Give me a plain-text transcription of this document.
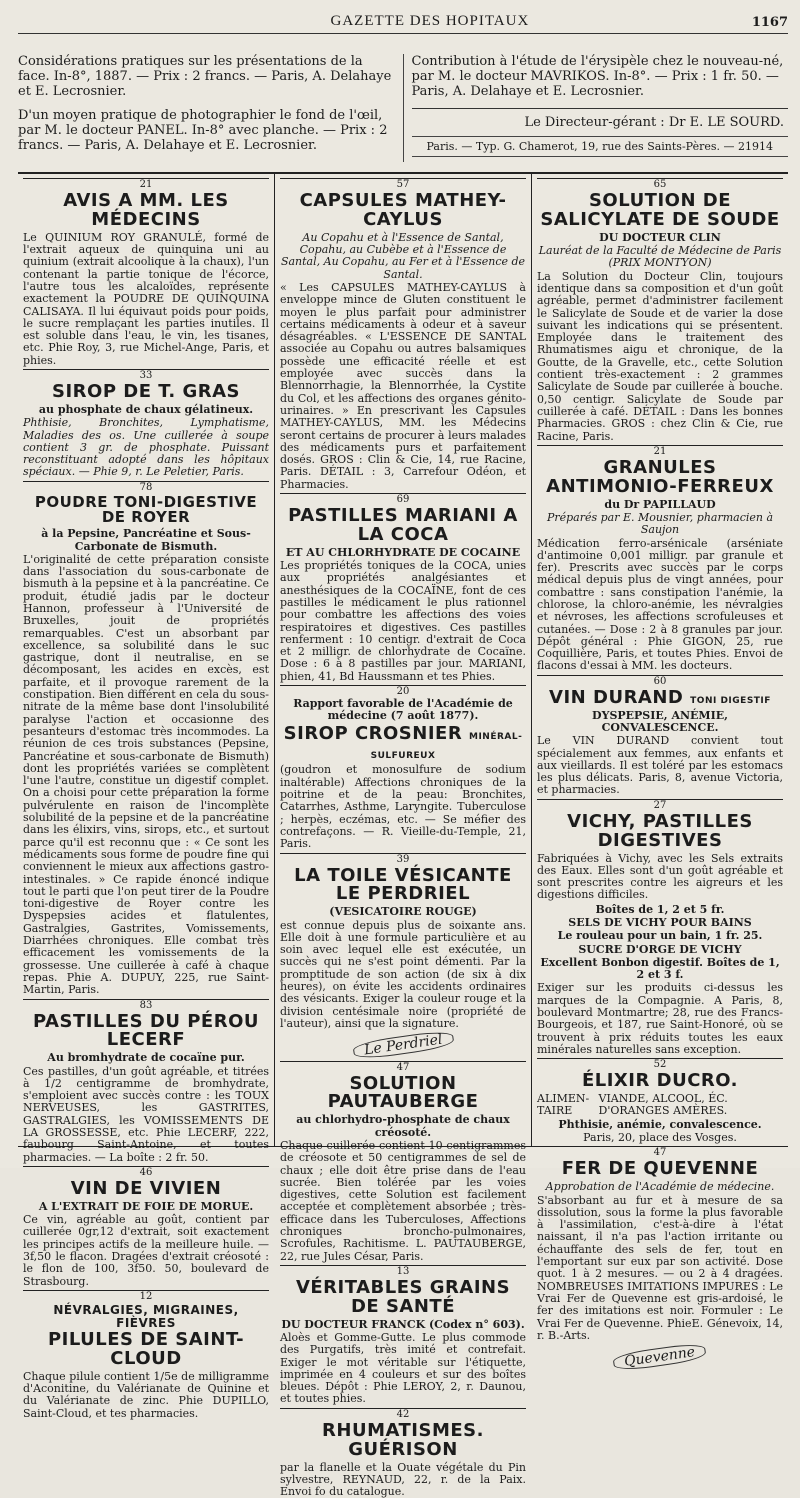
GAZETTE DES HOPITAUX	1167

Considérations pratiques sur les présentations de la face. In-8°, 1887. — Prix : 2 francs. — Paris, A. Delahaye et E. Lecrosnier.

D'un moyen pratique de photographier le fond de l'œil, par M. le docteur PANEL. In-8° avec planche. — Prix : 2 francs. — Paris, A. Delahaye et E. Lecrosnier.

Contribution à l'étude de l'érysipèle chez le nouveau-né, par M. le docteur MAVRIKOS. In-8°. — Prix : 1 fr. 50. — Paris, A. Delahaye et E. Lecrosnier.

Le Directeur-gérant : Dr E. LE SOURD.
Paris. — Typ. G. Chamerot, 19, rue des Saints-Pères. — 21914
21
AVIS A MM. LES MÉDECINS
Le QUINIUM ROY GRANULÉ, formé de l'extrait aqueux de quinquina uni au quinium (extrait alcoolique à la chaux), l'un contenant la partie tonique de l'écorce, l'autre tous les alcaloïdes, représente exactement la POUDRE DE QUINQUINA CALISAYA. Il lui équivaut poids pour poids, le sucre remplaçant les parties inutiles. Il est soluble dans l'eau, le vin, les tisanes, etc. Phie Roy, 3, rue Michel-Ange, Paris, et phies.
33
SIROP DE T. GRAS
au phosphate de chaux gélatineux.
Phthisie, Bronchites, Lymphatisme, Maladies des os. Une cuillerée à soupe contient 3 gr. de phosphate. Puissant reconstituant adopté dans les hôpitaux spéciaux. — Phie 9, r. Le Peletier, Paris.
78
POUDRE TONI-DIGESTIVE DE ROYER
à la Pepsine, Pancréatine et Sous-Carbonate de Bismuth.
L'originalité de cette préparation consiste dans l'association du sous-carbonate de bismuth à la pepsine et à la pancréatine. Ce produit, étudié jadis par le docteur Hannon, professeur à l'Université de Bruxelles, jouit de propriétés remarquables. C'est un absorbant par excellence, sa solubilité dans le suc gastrique, dont il neutralise, en se décomposant, les acides en excès, est parfaite, et il provoque rarement de la constipation. Bien différent en cela du sous-nitrate de la même base dont l'insolubilité paralyse l'action et occasionne des pesanteurs d'estomac très incommodes. La réunion de ces trois substances (Pepsine, Pancréatine et sous-carbonate de Bismuth) dont les propriétés variées se complètent l'une l'autre, constitue un digestif complet. On a choisi pour cette préparation la forme pulvérulente en raison de l'incomplète solubilité de la pepsine et de la pancréatine dans les élixirs, vins, sirops, etc., et surtout parce qu'il est reconnu que : « Ce sont les médicaments sous forme de poudre fine qui conviennent le mieux aux affections gastro-intestinales. » Ce rapide énoncé indique tout le parti que l'on peut tirer de la Poudre toni-digestive de Royer contre les Dyspepsies acides et flatulentes, Gastralgies, Gastrites, Vomissements, Diarrhées chroniques. Elle combat très efficacement les vomissements de la grossesse. Une cuillerée à café à chaque repas. Phie A. DUPUY, 225, rue Saint-Martin, Paris.
83
PASTILLES DU PÉROU LECERF
Au bromhydrate de cocaïne pur.
Ces pastilles, d'un goût agréable, et titrées à 1/2 centigramme de bromhydrate, s'emploient avec succès contre : les TOUX NERVEUSES, les GASTRITES, GASTRALGIES, les VOMISSEMENTS DE LA GROSSESSE, etc. Phie LECERF, 222, faubourg Saint-Antoine, et toutes pharmacies. — La boîte : 2 fr. 50.
46
VIN DE VIVIEN
A L'EXTRAIT DE FOIE DE MORUE.
Ce vin, agréable au goût, contient par cuillerée 0gr,12 d'extrait, soit exactement les principes actifs de la meilleure huile. — 3f,50 le flacon. Dragées d'extrait créosoté : le flon de 100, 3f50. 50, boulevard de Strasbourg.
12
NÉVRALGIES, MIGRAINES, FIÈVRES
PILULES DE SAINT-CLOUD
Chaque pilule contient 1/5e de milligramme d'Aconitine, du Valérianate de Quinine et du Valérianate de zinc. Phie DUPILLO, Saint-Cloud, et tes pharmacies.
57
CAPSULES MATHEY-CAYLUS
Au Copahu et à l'Essence de Santal, Copahu, au Cubèbe et à l'Essence de Santal, Au Copahu, au Fer et à l'Essence de Santal.
« Les CAPSULES MATHEY-CAYLUS à enveloppe mince de Gluten constituent le moyen le plus parfait pour administrer certains médicaments à odeur et à saveur désagréables. « L'ESSENCE DE SANTAL associée au Copahu ou autres balsamiques possède une efficacité réelle et est employée avec succès dans la Blennorrhagie, la Blennorrhée, la Cystite du Col, et les affections des organes génito-urinaires. » En prescrivant les Capsules MATHEY-CAYLUS, MM. les Médecins seront certains de procurer à leurs malades des médicaments purs et parfaitement dosés. GROS : Clin & Cie, 14, rue Racine, Paris. DÉTAIL : 3, Carrefour Odéon, et Pharmacies.
69
PASTILLES MARIANI A LA COCA
ET AU CHLORHYDRATE DE COCAINE
Les propriétés toniques de la COCA, unies aux propriétés analgésiantes et anesthésiques de la COCAÏNE, font de ces pastilles le médicament le plus rationnel pour combattre les affections des voies respiratoires et digestives. Ces pastilles renferment : 10 centigr. d'extrait de Coca et 2 milligr. de chlorhydrate de Cocaïne. Dose : 6 à 8 pastilles par jour. MARIANI, phien, 41, Bd Haussmann et tes Phies.
20
Rapport favorable de l'Académie de médecine (7 août 1877).
SIROP CROSNIER MINÉRAL-SULFUREUX
(goudron et monosulfure de sodium inaltérable) Affections chroniques de la poitrine et de la peau: Bronchites, Catarrhes, Asthme, Laryngite. Tuberculose ; herpès, eczémas, etc. — Se méfier des contrefaçons. — R. Vieille-du-Temple, 21, Paris.
39
LA TOILE VÉSICANTE LE PERDRIEL
(VESICATOIRE ROUGE)
est connue depuis plus de soixante ans. Elle doit à une formule particulière et au soin avec lequel elle est exécutée, un succès qui ne s'est point démenti. Par la promptitude de son action (de six à dix heures), on évite les accidents ordinaires des vésicants. Exiger la couleur rouge et la division centésimale noire (propriété de l'auteur), ainsi que la signature.
Le Perdriel
47
SOLUTION PAUTAUBERGE
au chlorhydro-phosphate de chaux créosoté.
Chaque cuillerée contient 10 centigrammes de créosote et 50 centigrammes de sel de chaux ; elle doit être prise dans de l'eau sucrée. Bien tolérée par les voies digestives, cette Solution est facilement acceptée et complètement absorbée ; très-efficace dans les Tuberculoses, Affections chroniques broncho-pulmonaires, Scrofules, Rachitisme. L. PAUTAUBERGE, 22, rue Jules César, Paris.
13
VÉRITABLES GRAINS DE SANTÉ
DU DOCTEUR FRANCK (Codex n° 603).
Aloès et Gomme-Gutte. Le plus commode des Purgatifs, très imité et contrefait. Exiger le mot véritable sur l'étiquette, imprimée en 4 couleurs et sur des boîtes bleues. Dépôt : Phie LEROY, 2, r. Daunou, et toutes phies.
42
RHUMATISMES. GUÉRISON
par la flanelle et la Ouate végétale du Pin sylvestre, REYNAUD, 22, r. de la Paix. Envoi fo du catalogue.
65
SOLUTION DE SALICYLATE DE SOUDE
DU DOCTEUR CLIN
Lauréat de la Faculté de Médecine de Paris (PRIX MONTYON)
La Solution du Docteur Clin, toujours identique dans sa composition et d'un goût agréable, permet d'administrer facilement le Salicylate de Soude et de varier la dose suivant les indications qui se présentent. Employée dans le traitement des Rhumatismes aigu et chronique, de la Goutte, de la Gravelle, etc., cette Solution contient très-exactement : 2 grammes Salicylate de Soude par cuillerée à bouche. 0,50 centigr. Salicylate de Soude par cuillerée à café. DÉTAIL : Dans les bonnes Pharmacies. GROS : chez Clin & Cie, rue Racine, Paris.
21
GRANULES ANTIMONIO-FERREUX
du Dr PAPILLAUD
Préparés par E. Mousnier, pharmacien à Saujon
Médication ferro-arsénicale (arséniate d'antimoine 0,001 milligr. par granule et fer). Prescrits avec succès par le corps médical depuis plus de vingt années, pour combattre : sans constipation l'anémie, la chlorose, la chloro-anémie, les névralgies et névroses, les affections scrofuleuses et cutanées. — Dose : 2 à 8 granules par jour. Dépôt général : Phie GIGON, 25, rue Coquillière, Paris, et toutes Phies. Envoi de flacons d'essai à MM. les docteurs.
60
VIN DURAND TONI DIGESTIF
DYSPEPSIE, ANÉMIE, CONVALESCENCE.
Le VIN DURAND convient tout spécialement aux femmes, aux enfants et aux vieillards. Il est toléré par les estomacs les plus délicats. Paris, 8, avenue Victoria, et pharmacies.
27
VICHY, PASTILLES DIGESTIVES
Fabriquées à Vichy, avec les Sels extraits des Eaux. Elles sont d'un goût agréable et sont prescrites contre les aigreurs et les digestions difficiles.
Boîtes de 1, 2 et 5 fr.
SELS DE VICHY POUR BAINS
Le rouleau pour un bain, 1 fr. 25.
SUCRE D'ORGE DE VICHY
Excellent Bonbon digestif. Boîtes de 1, 2 et 3 f.
Exiger sur les produits ci-dessus les marques de la Compagnie. A Paris, 8, boulevard Montmartre; 28, rue des Francs-Bourgeois, et 187, rue Saint-Honoré, où se trouvent à prix réduits toutes les eaux minérales naturelles sans exception.
52
ÉLIXIR DUCRO.
ALIMEN-TAIRE
VIANDE, ALCOOL, ÉC. D'ORANGES AMÈRES.
Phthisie, anémie, convalescence.
Paris, 20, place des Vosges.
47
FER DE QUEVENNE
Approbation de l'Académie de médecine.
S'absorbant au fur et à mesure de sa dissolution, sous la forme la plus favorable à l'assimilation, c'est-à-dire à l'état naissant, il n'a pas l'action irritante ou échauffante des sels de fer, tout en l'emportant sur eux par son activité. Dose quot. 1 à 2 mesures. — ou 2 à 4 dragées. NOMBREUSES IMITATIONS IMPURES : Le Vrai Fer de Quevenne est gris-ardoisé, le fer des imitations est noir. Formuler : Le Vrai Fer de Quevenne. PhieE. Génevoix, 14, r. B.-Arts.
Quevenne
